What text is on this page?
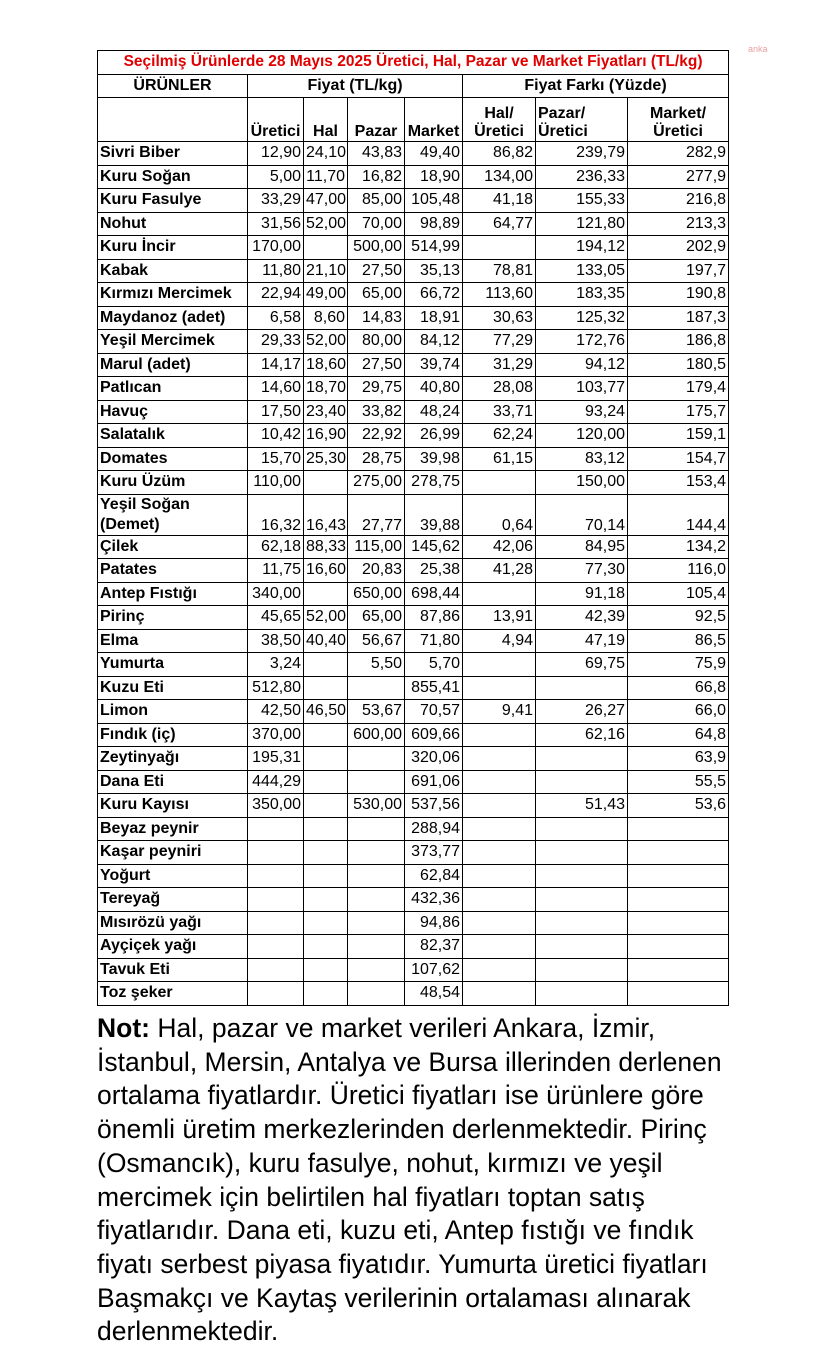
anka
Seçilmiş Ürünlerde 28 Mayıs 2025 Üretici, Hal, Pazar ve Market Fiyatları (TL/kg)							
ÜRÜNLER	Fiyat (TL/kg)				Fiyat Farkı (Yüzde)		
	Üretici	Hal	Pazar	Market	Hal/ Üretici	Pazar/ Üretici	Market/ Üretici
Sivri Biber	12,90	24,10	43,83	49,40	86,82	239,79	282,9
Kuru Soğan	5,00	11,70	16,82	18,90	134,00	236,33	277,9
Kuru Fasulye	33,29	47,00	85,00	105,48	41,18	155,33	216,8
Nohut	31,56	52,00	70,00	98,89	64,77	121,80	213,3
Kuru İncir	170,00		500,00	514,99		194,12	202,9
Kabak	11,80	21,10	27,50	35,13	78,81	133,05	197,7
Kırmızı Mercimek	22,94	49,00	65,00	66,72	113,60	183,35	190,8
Maydanoz (adet)	6,58	8,60	14,83	18,91	30,63	125,32	187,3
Yeşil Mercimek	29,33	52,00	80,00	84,12	77,29	172,76	186,8
Marul (adet)	14,17	18,60	27,50	39,74	31,29	94,12	180,5
Patlıcan	14,60	18,70	29,75	40,80	28,08	103,77	179,4
Havuç	17,50	23,40	33,82	48,24	33,71	93,24	175,7
Salatalık	10,42	16,90	22,92	26,99	62,24	120,00	159,1
Domates	15,70	25,30	28,75	39,98	61,15	83,12	154,7
Kuru Üzüm	110,00		275,00	278,75		150,00	153,4
Yeşil Soğan (Demet)	16,32	16,43	27,77	39,88	0,64	70,14	144,4
Çilek	62,18	88,33	115,00	145,62	42,06	84,95	134,2
Patates	11,75	16,60	20,83	25,38	41,28	77,30	116,0
Antep Fıstığı	340,00		650,00	698,44		91,18	105,4
Pirinç	45,65	52,00	65,00	87,86	13,91	42,39	92,5
Elma	38,50	40,40	56,67	71,80	4,94	47,19	86,5
Yumurta	3,24		5,50	5,70		69,75	75,9
Kuzu Eti	512,80			855,41			66,8
Limon	42,50	46,50	53,67	70,57	9,41	26,27	66,0
Fındık (iç)	370,00		600,00	609,66		62,16	64,8
Zeytinyağı	195,31			320,06			63,9
Dana Eti	444,29			691,06			55,5
Kuru Kayısı	350,00		530,00	537,56		51,43	53,6
Beyaz peynir				288,94			
Kaşar peyniri				373,77			
Yoğurt				62,84			
Tereyağ				432,36			
Mısırözü yağı				94,86			
Ayçiçek yağı				82,37			
Tavuk Eti				107,62			
Toz şeker				48,54			
Not: Hal, pazar ve market verileri Ankara, İzmir, İstanbul, Mersin, Antalya ve Bursa illerinden derlenen ortalama fiyatlardır. Üretici fiyatları ise ürünlere göre önemli üretim merkezlerinden derlenmektedir. Pirinç (Osmancık), kuru fasulye, nohut, kırmızı ve yeşil mercimek için belirtilen hal fiyatları toptan satış fiyatlarıdır. Dana eti, kuzu eti, Antep fıstığı ve fındık fiyatı serbest piyasa fiyatıdır. Yumurta üretici fiyatları Başmakçı ve Kaytaş verilerinin ortalaması alınarak derlenmektedir.
